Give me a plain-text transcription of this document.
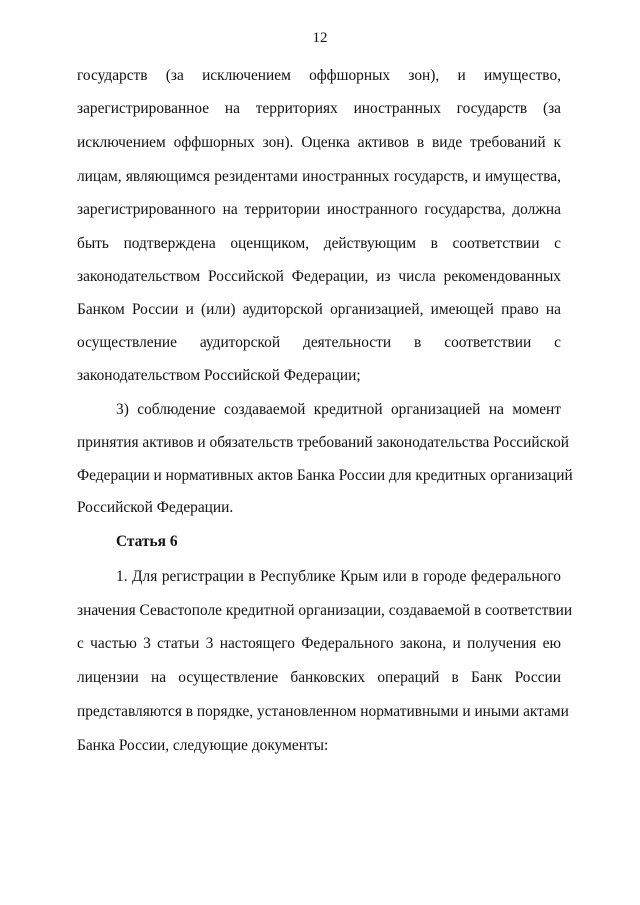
12
государств (за исключением оффшорных зон), и имущество,
зарегистрированное на территориях иностранных государств (за
исключением оффшорных зон). Оценка активов в виде требований к
лицам, являющимся резидентами иностранных государств, и имущества,
зарегистрированного на территории иностранного государства, должна
быть подтверждена оценщиком, действующим в соответствии с
законодательством Российской Федерации, из числа рекомендованных
Банком России и (или) аудиторской организацией, имеющей право на
осуществление аудиторской деятельности в соответствии с
законодательством Российской Федерации;
3) соблюдение создаваемой кредитной организацией на момент
принятия активов и обязательств требований законодательства Российской
Федерации и нормативных актов Банка России для кредитных организаций
Российской Федерации.
Статья 6
1. Для регистрации в Республике Крым или в городе федерального
значения Севастополе кредитной организации, создаваемой в соответствии
с частью 3 статьи 3 настоящего Федерального закона, и получения ею
лицензии на осуществление банковских операций в Банк России
представляются в порядке, установленном нормативными и иными актами
Банка России, следующие документы:
